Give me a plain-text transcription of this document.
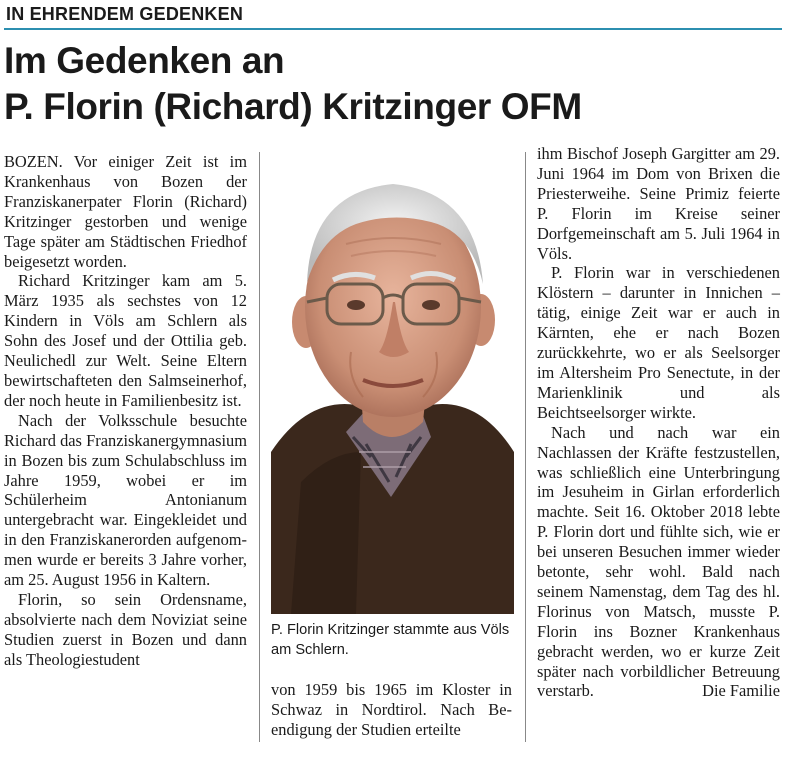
IN EHRENDEM GEDENKEN
Im Gedenken an
P. Florin (Richard) Kritzinger OFM

BOZEN. Vor einiger Zeit ist im Krankenhaus von Bozen der Franziskanerpater Florin (Richard) Kritzinger gestorben und wenige Tage später am Städtischen Friedhof beigesetzt worden.

Richard Kritzinger kam am 5. März 1935 als sechstes von 12 Kindern in Völs am Schlern als Sohn des Josef und der Ottilia geb. Neulichedl zur Welt. Seine Eltern bewirtschafteten den Salmseinerhof, der noch heute in Familienbesitz ist.

Nach der Volksschule besuchte Richard das Franziskanergymnasium in Bozen bis zum Schulabschluss im Jahre 1959, wobei er im Schülerheim Antonianum untergebracht war. Eingekleidet und in den Franziskanerorden aufgenommen wurde er bereits 3 Jahre vorher, am 25. August 1956 in Kaltern.

Florin, so sein Ordensname, absolvierte nach dem Noviziat seine Studien zuerst in Bozen und dann als Theologiestudent

P. Florin Kritzinger stammte aus Völs am Schlern.

von 1959 bis 1965 im Kloster in Schwaz in Nordtirol. Nach Beendigung der Studien erteilte

ihm Bischof Joseph Gargitter am 29. Juni 1964 im Dom von Brixen die Priesterweihe. Seine Primiz feierte P. Florin im Kreise seiner Dorfgemeinschaft am 5. Juli 1964 in Völs.

P. Florin war in verschiedenen Klöstern – darunter in Innichen – tätig, einige Zeit war er auch in Kärnten, ehe er nach Bozen zurückkehrte, wo er als Seelsorger im Altersheim Pro Senectute, in der Marienklinik und als Beichtseelsorger wirkte.

Nach und nach war ein Nachlassen der Kräfte festzustellen, was schließlich eine Unterbringung im Jesuheim in Girlan erforderlich machte. Seit 16. Oktober 2018 lebte P. Florin dort und fühlte sich, wie er bei unseren Besuchen immer wieder betonte, sehr wohl. Bald nach seinem Namenstag, dem Tag des hl. Florinus von Matsch, musste P. Florin ins Bozner Krankenhaus gebracht werden, wo er kurze Zeit später nach vorbildlicher Betreuung verstarb.	Die Familie
